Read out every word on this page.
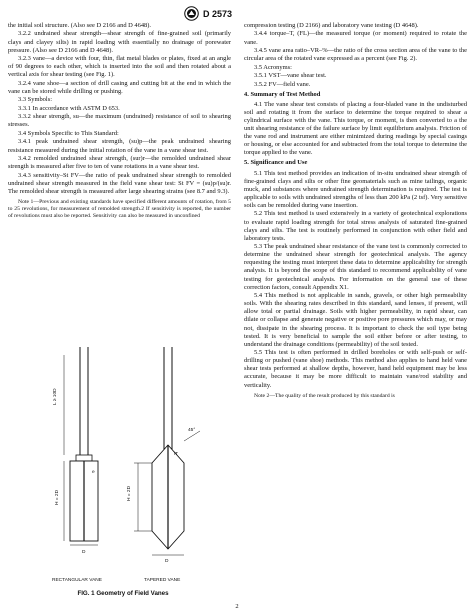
D 2573

the initial soil structure. (Also see D 2166 and D 4648).

3.2.2 undrained shear strength—shear strength of fine-grained soil (primarily clays and clayey silts) in rapid loading with essentially no drainage of porewater pressure. (Also see D 2166 and D 4648).

3.2.3 vane—a device with four, thin, flat metal blades or plates, fixed at an angle of 90 degrees to each other, which is inserted into the soil and then rotated about a vertical axis for shear testing (see Fig. 1).

3.2.4 vane shoe—a section of drill casing and cutting bit at the end in which the vane can be stored while drilling or pushing.

3.3 Symbols:

3.3.1 In accordance with ASTM D 653.

3.3.2 shear strength, su—the maximum (undrained) resistance of soil to shearing stresses.

3.4 Symbols Specific to This Standard:

3.4.1 peak undrained shear strength, (su)p—the peak undrained shearing resistance measured during the initial rotation of the vane in a vane shear test.

3.4.2 remolded undrained shear strength, (sur)r—the remolded undrained shear strength is measured after five to ten of vane rotations in a vane shear test.

3.4.3 sensitivity–St FV—the ratio of peak undrained shear strength to remolded undrained shear strength measured in the field vane shear test: St FV = (su)p/(su)r. The remolded shear strength is measured after large shearing strains (see 8.7 and 9.3).

Note 1—Previous and existing standards have specified different amounts of rotation, from 5 to 25 revolutions, for measurement of remolded strength.2 If sensitivity is reported, the number of revolutions must also be reported. Sensitivity can also be measured in unconfined

L ≥ 10D
H = 2D	H = 2D
45°
D
D
e
iT
RECTANGULAR VANE	TAPERED VANE
FIG. 1 Geometry of Field Vanes

compression testing (D 2166) and laboratory vane testing (D 4648).

3.4.4 torque–T, (FL)—the measured torque (or moment) required to rotate the vane.

3.4.5 vane area ratio–VR–%—the ratio of the cross section area of the vane to the circular area of the rotated vane expressed as a percent (see Fig. 2).

3.5 Acronyms:

3.5.1 VST—vane shear test.

3.5.2 FV—field vane.

4. Summary of Test Method

4.1 The vane shear test consists of placing a four-bladed vane in the undisturbed soil and rotating it from the surface to determine the torque required to shear a cylindrical surface with the vane. This torque, or moment, is then converted to a the unit shearing resistance of the failure surface by limit equilibrium analysis. Friction of the vane rod and instrument are either minimized during readings by special casings or housing, or else accounted for and subtracted from the total torque to determine the torque applied to the vane.

5. Significance and Use

5.1 This test method provides an indication of in-situ undrained shear strength of fine-grained clays and silts or other fine geomaterials such as mine tailings, organic muck, and substances where undrained strength determination is required. The test is applicable to soils with undrained strengths of less than 200 kPa (2 tsf). Very sensitive soils can be remolded during vane insertion.

5.2 This test method is used extensively in a variety of geotechnical explorations to evaluate rapid loading strength for total stress analysis of saturated fine-grained clays and silts. The test is routinely performed in conjunction with other field and laboratory tests.

5.3 The peak undrained shear resistance of the vane test is commonly corrected to determine the undrained shear strength for geotechnical analysis. The agency requesting the testing must interpret these data to determine applicability for strength analysis. It is beyond the scope of this standard to recommend applicability of vane testing for geotechnical analysis. For information on the general use of these correction factors, consult Appendix X1.

5.4 This method is not applicable in sands, gravels, or other high permeability soils. With the shearing rates described in this standard, sand lenses, if present, will allow total or partial drainage. Soils with higher permeability, in rapid shear, can dilate or collapse and generate negative or positive pore pressures which may, or may not, dissipate in the shearing process. It is important to check the soil type being tested. It is very beneficial to sample the soil either before or after testing, to understand the drainage conditions (permeability) of the soil tested.

5.5 This test is often performed in drilled boreholes or with self-push or self-drilling or pushed (vane shoe) methods. This method also applies to hand held vane shear tests performed at shallow depths, however, hand held equipment may be less accurate, because it may be more difficult to maintain vane/rod stability and verticality.

Note 2—The quality of the result produced by this standard is

2
